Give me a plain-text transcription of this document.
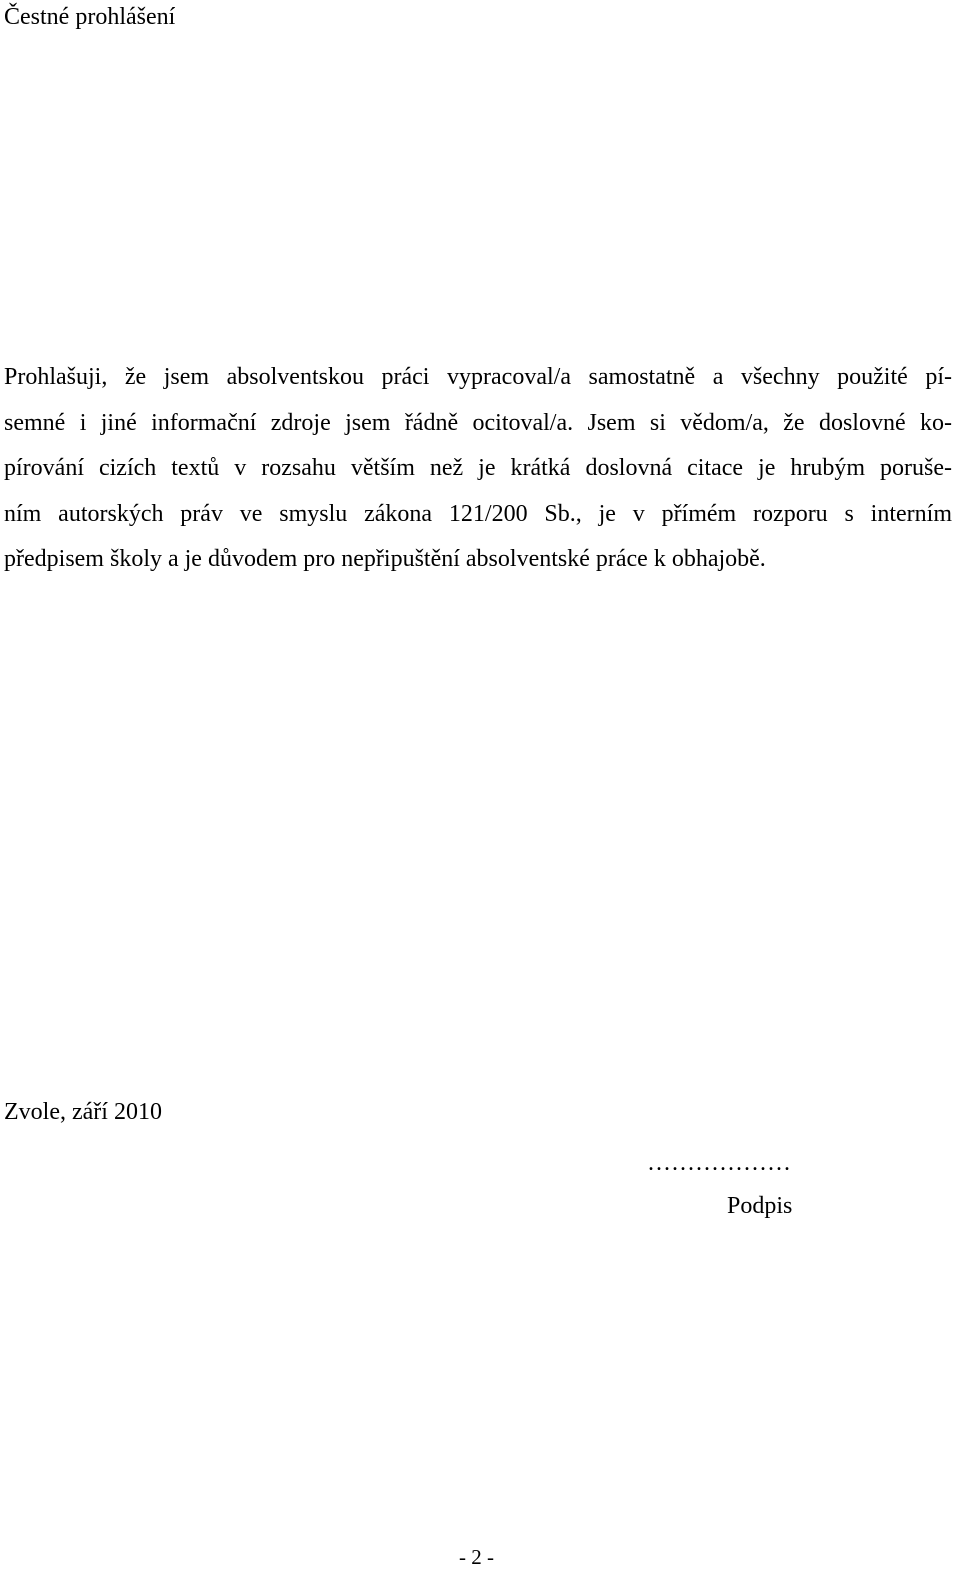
Čestné prohlášení
Prohlašuji, že jsem absolventskou práci vypracoval/a samostatně a všechny použité pí-
semné i jiné informační zdroje jsem řádně ocitoval/a. Jsem si vědom/a, že doslovné ko-
pírování cizích textů v rozsahu větším než je krátká doslovná citace je hrubým poruše-
ním autorských práv ve smyslu zákona 121/200 Sb., je v přímém rozporu s interním
předpisem školy a je důvodem pro nepřipuštění absolventské práce k obhajobě.
Zvole, září 2010
..................
Podpis
- 2 -
